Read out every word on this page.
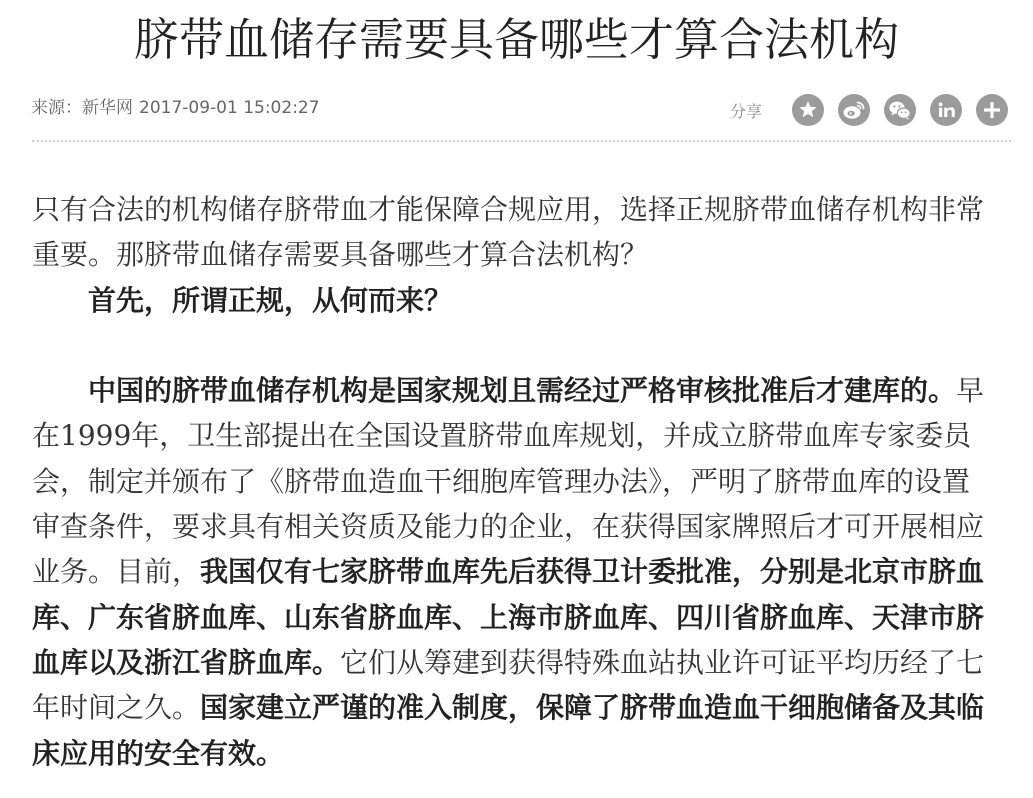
脐带血储存需要具备哪些才算合法机构
来源：新华网 2017-09-01 15:02:27	分享
只有合法的机构储存脐带血才能保障合规应用，选择正规脐带血储存机构非常
重要。那脐带血储存需要具备哪些才算合法机构？
首先，所谓正规，从何而来？
中国的脐带血储存机构是国家规划且需经过严格审核批准后才建库的。早
在1999年，卫生部提出在全国设置脐带血库规划，并成立脐带血库专家委员
会，制定并颁布了《脐带血造血干细胞库管理办法》，严明了脐带血库的设置
审查条件，要求具有相关资质及能力的企业，在获得国家牌照后才可开展相应
业务。目前，我国仅有七家脐带血库先后获得卫计委批准，分别是北京市脐血
库、广东省脐血库、山东省脐血库、上海市脐血库、四川省脐血库、天津市脐
血库以及浙江省脐血库。它们从筹建到获得特殊血站执业许可证平均历经了七
年时间之久。国家建立严谨的准入制度，保障了脐带血造血干细胞储备及其临
床应用的安全有效。
